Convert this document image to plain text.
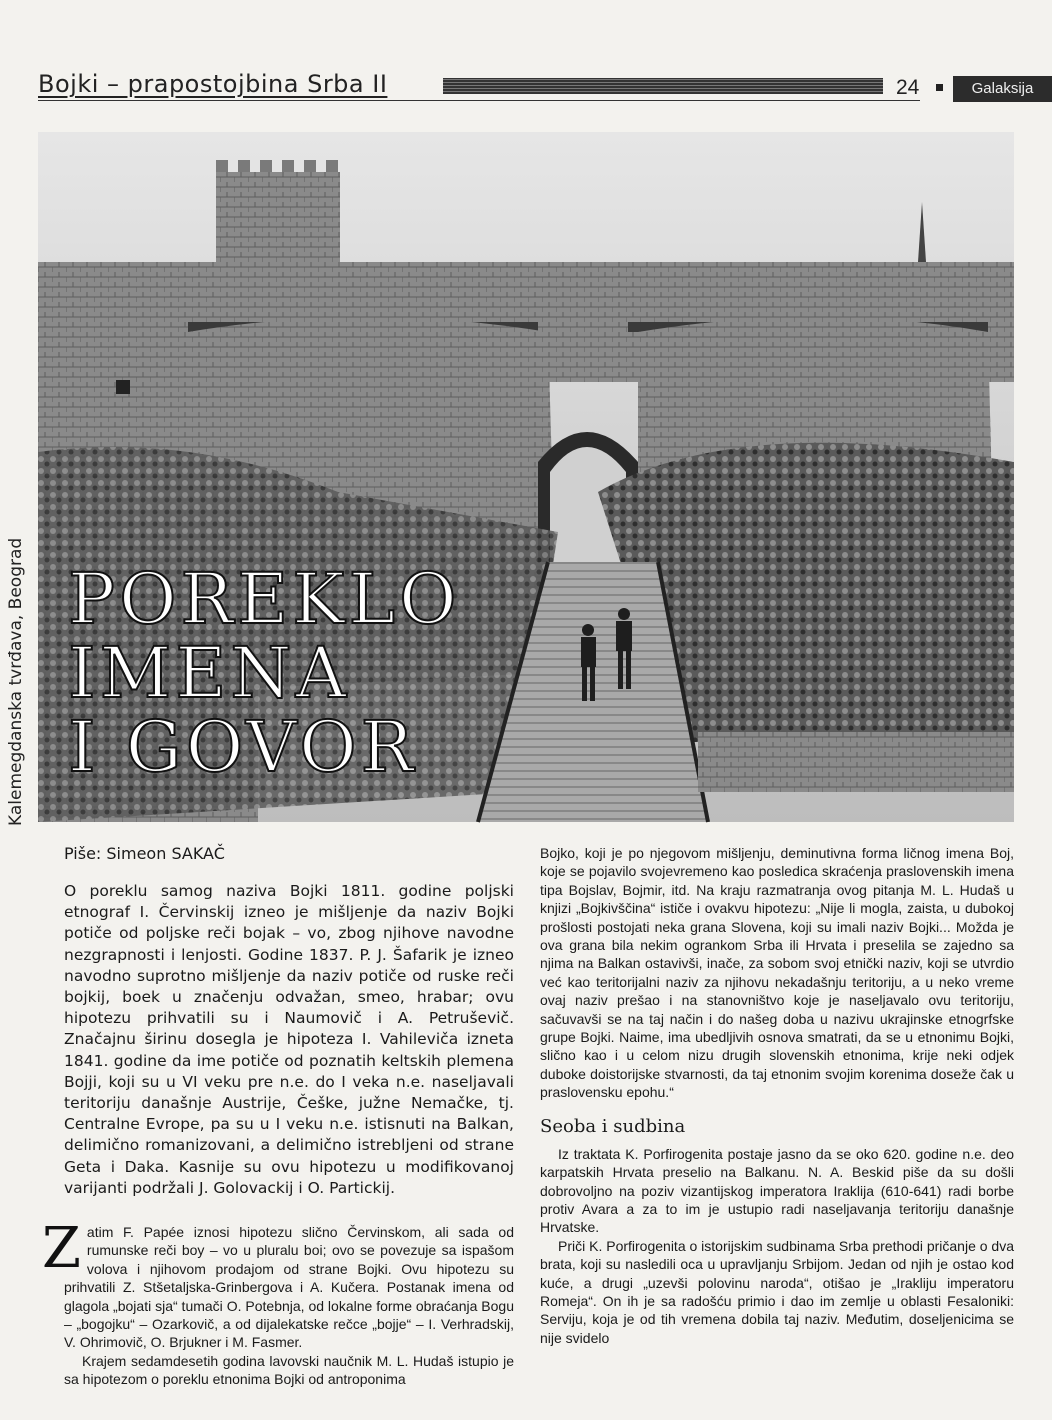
Bojki – prapostojbina Srba II	24	Galaksija
Kalemegdanska tvrđava, Beograd POREKLO
IMENA
I GOVOR
Piše: Simeon SAKAČ

O poreklu samog naziva Bojki 1811. godine poljski etnograf I. Červinskij izneo je mišljenje da naziv Bojki potiče od poljske reči bojak – vo, zbog njihove navodne nezgrapnosti i lenjosti. Godine 1837. P. J. Šafarik je izneo navodno suprotno mišljenje da naziv potiče od ruske reči bojkij, boek u značenju odvažan, smeo, hrabar; ovu hipotezu prihvatili su i Naumovič i A. Petruševič. Značajnu širinu dosegla je hipoteza I. Vahileviča izneta 1841. godine da ime potiče od poznatih keltskih plemena Bojji, koji su u VI veku pre n.e. do I veka n.e. naseljavali teritoriju današnje Austrije, Češke, južne Nemačke, tj. Centralne Evrope, pa su u I veku n.e. istisnuti na Balkan, delimično romanizovani, a delimično istrebljeni od strane Geta i Daka. Kasnije su ovu hipotezu u modifikovanoj varijanti podržali J. Golovackij i O. Partickij.

Zatim F. Papée iznosi hipotezu slično Červinskom, ali sada od rumunske reči boy – vo u pluralu boi; ovo se povezuje sa ispašom volova i njihovom prodajom od strane Bojki. Ovu hipotezu su prihvatili Z. Stšetaljska-Grinbergova i A. Kučera. Postanak imena od glagola „bojati sja“ tumači O. Potebnja, od lokalne forme obraćanja Bogu – „bogojku“ – Ozarkovič, a od dijalekatske rečce „bojje“ – I. Verhradskij, V. Ohrimovič, O. Brjukner i M. Fasmer.

Krajem sedamdesetih godina lavovski naučnik M. L. Hudaš istupio je sa hipotezom o poreklu etnonima Bojki od antroponima

Bojko, koji je po njegovom mišljenju, deminutivna forma ličnog imena Boj, koje se pojavilo svojevremeno kao posledica skraćenja praslovenskih imena tipa Bojslav, Bojmir, itd. Na kraju razmatranja ovog pitanja M. L. Hudaš u knjizi „Bojkivščina“ ističe i ovakvu hipotezu: „Nije li mogla, zaista, u dubokoj prošlosti postojati neka grana Slovena, koji su imali naziv Bojki... Možda je ova grana bila nekim ogrankom Srba ili Hrvata i preselila se zajedno sa njima na Balkan ostavivši, inače, za sobom svoj etnički naziv, koji se utvrdio već kao teritorijalni naziv za njihovu nekadašnju teritoriju, a u neko vreme ovaj naziv prešao i na stanovništvo koje je naseljavalo ovu teritoriju, sačuvavši se na taj način i do našeg doba u nazivu ukrajinske etnogrfske grupe Bojki. Naime, ima ubedljivih osnova smatrati, da se u etnonimu Bojki, slično kao i u celom nizu drugih slovenskih etnonima, krije neki odjek duboke doistorijske stvarnosti, da taj etnonim svojim korenima doseže čak u praslovensku epohu.“

Seoba i sudbina

Iz traktata K. Porfirogenita postaje jasno da se oko 620. godine n.e. deo karpatskih Hrvata preselio na Balkanu. N. A. Beskid piše da su došli dobrovoljno na poziv vizantijskog imperatora Iraklija (610-641) radi borbe protiv Avara a za to im je ustupio radi naseljavanja teritoriju današnje Hrvatske.

Priči K. Porfirogenita o istorijskim sudbinama Srba prethodi pričanje o dva brata, koji su nasledili oca u upravljanju Srbijom. Jedan od njih je ostao kod kuće, a drugi „uzevši polovinu naroda“, otišao je „Irakliju imperatoru Romeja“. On ih je sa radošću primio i dao im zemlje u oblasti Fesaloniki: Serviju, koja je od tih vremena dobila taj naziv. Međutim, doseljenicima se nije svidelo
